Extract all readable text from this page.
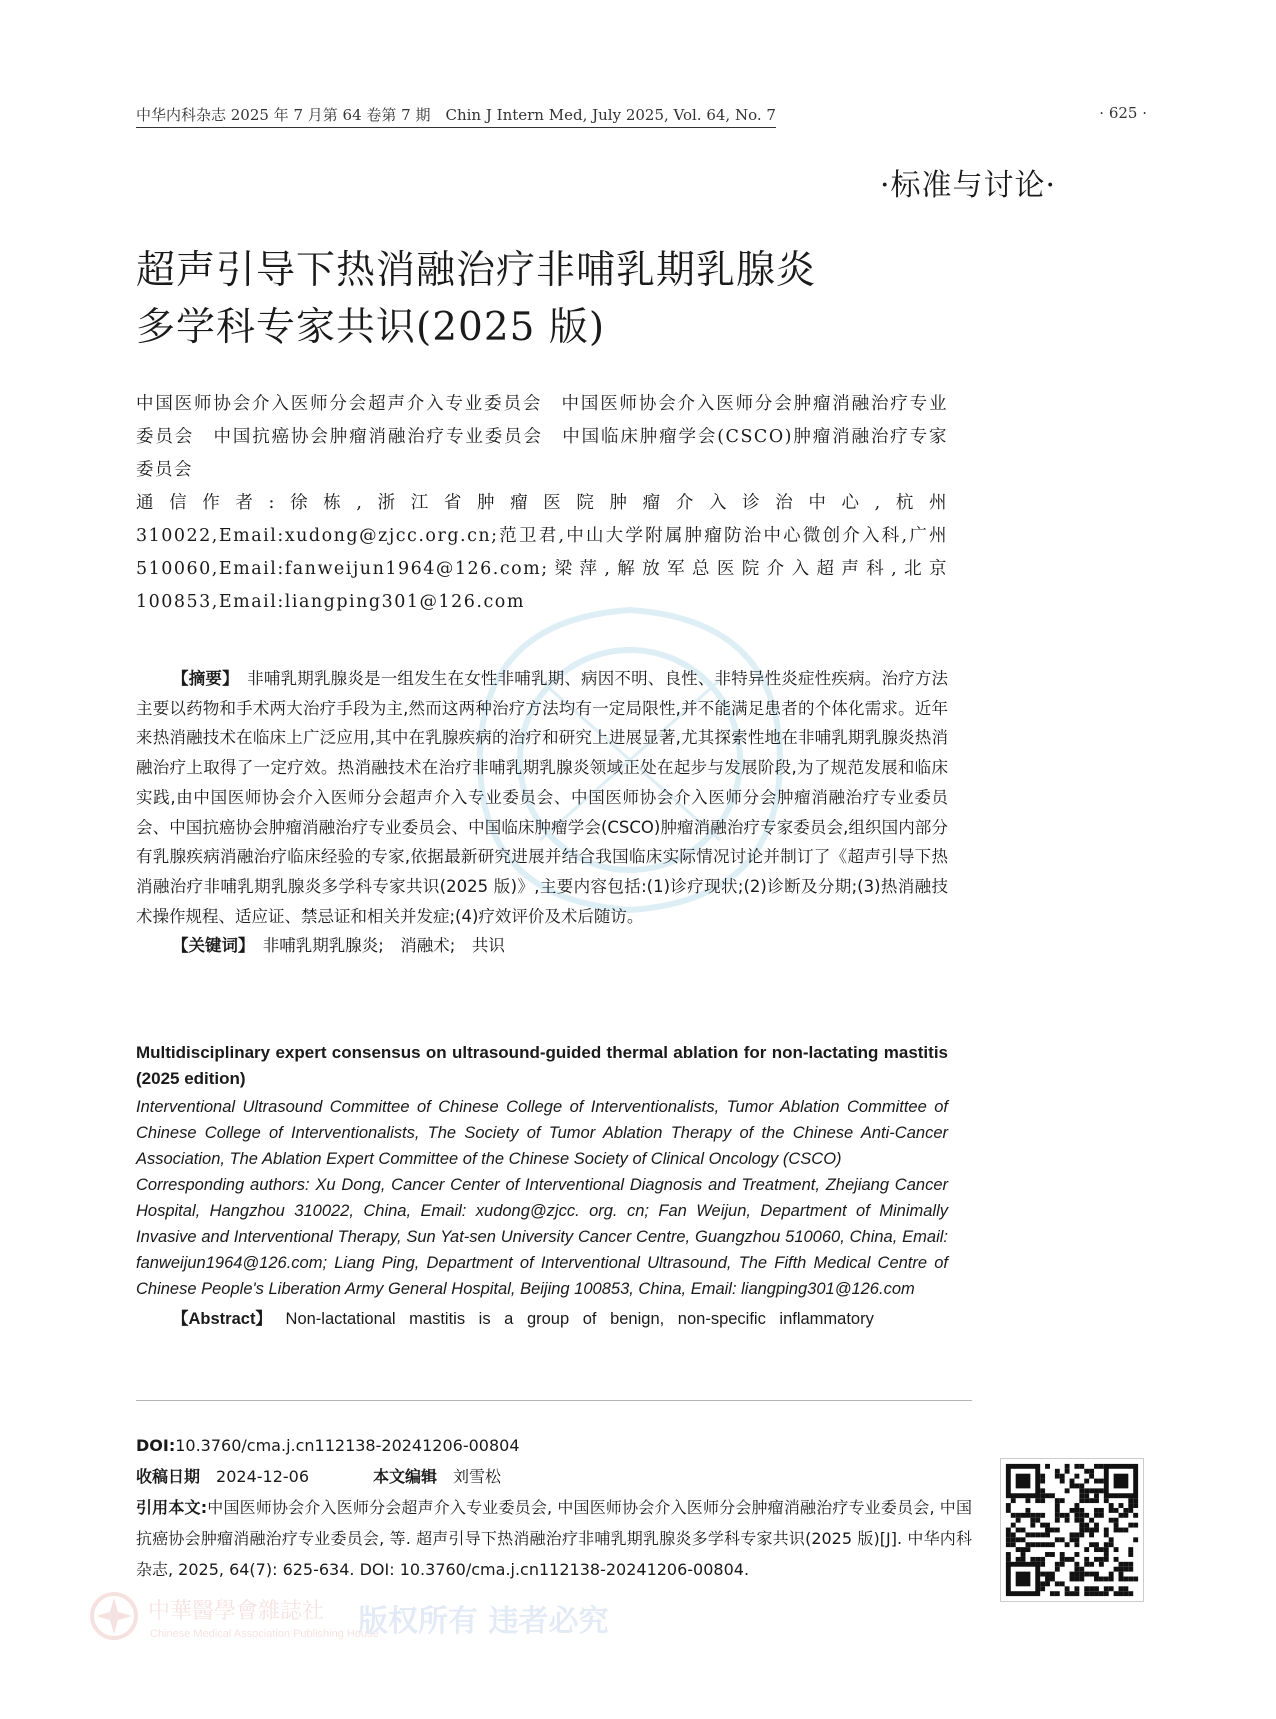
中华内科杂志 2025 年 7 月第 64 卷第 7 期　Chin J Intern Med, July 2025, Vol. 64, No. 7	· 625 ·
·标准与讨论·
超声引导下热消融治疗非哺乳期乳腺炎
多学科专家共识(2025 版)

中国医师协会介入医师分会超声介入专业委员会　中国医师协会介入医师分会肿瘤消融治疗专业委员会　中国抗癌协会肿瘤消融治疗专业委员会　中国临床肿瘤学会(CSCO)肿瘤消融治疗专家委员会

通信作者:徐栋,浙江省肿瘤医院肿瘤介入诊治中心,杭州 310022,Email:xudong@zjcc.org.cn;范卫君,中山大学附属肿瘤防治中心微创介入科,广州 510060,Email:fanweijun1964@126.com;梁萍,解放军总医院介入超声科,北京 100853,Email:liangping301@126.com

【摘要】　 非哺乳期乳腺炎是一组发生在女性非哺乳期、病因不明、良性、非特异性炎症性疾病。治疗方法主要以药物和手术两大治疗手段为主,然而这两种治疗方法均有一定局限性,并不能满足患者的个体化需求。近年来热消融技术在临床上广泛应用,其中在乳腺疾病的治疗和研究上进展显著,尤其探索性地在非哺乳期乳腺炎热消融治疗上取得了一定疗效。热消融技术在治疗非哺乳期乳腺炎领域正处在起步与发展阶段,为了规范发展和临床实践,由中国医师协会介入医师分会超声介入专业委员会、中国医师协会介入医师分会肿瘤消融治疗专业委员会、中国抗癌协会肿瘤消融治疗专业委员会、中国临床肿瘤学会(CSCO)肿瘤消融治疗专家委员会,组织国内部分有乳腺疾病消融治疗临床经验的专家,依据最新研究进展并结合我国临床实际情况讨论并制订了《超声引导下热消融治疗非哺乳期乳腺炎多学科专家共识(2025 版)》,主要内容包括:(1)诊疗现状;(2)诊断及分期;(3)热消融技术操作规程、适应证、禁忌证和相关并发症;(4)疗效评价及术后随访。

【关键词】　 非哺乳期乳腺炎;　消融术;　共识

Multidisciplinary expert consensus on ultrasound-guided thermal ablation for non-lactating mastitis (2025 edition)

Interventional Ultrasound Committee of Chinese College of Interventionalists, Tumor Ablation Committee of Chinese College of Interventionalists, The Society of Tumor Ablation Therapy of the Chinese Anti-Cancer Association, The Ablation Expert Committee of the Chinese Society of Clinical Oncology (CSCO)

Corresponding authors: Xu Dong, Cancer Center of Interventional Diagnosis and Treatment, Zhejiang Cancer Hospital, Hangzhou 310022, China, Email: xudong@zjcc. org. cn; Fan Weijun, Department of Minimally Invasive and Interventional Therapy, Sun Yat-sen University Cancer Centre, Guangzhou 510060, China, Email: fanweijun1964@126.com; Liang Ping, Department of Interventional Ultrasound, The Fifth Medical Centre of Chinese People's Liberation Army General Hospital, Beijing 100853, China, Email: liangping301@126.com

【Abstract】 Non-lactational mastitis is a group of benign, non-specific inflammatory

DOI:10.3760/cma.j.cn112138-20241206-00804

收稿日期　 2024-12-06	本文编辑　 刘雪松

引用本文:中国医师协会介入医师分会超声介入专业委员会, 中国医师协会介入医师分会肿瘤消融治疗专业委员会, 中国抗癌协会肿瘤消融治疗专业委员会, 等. 超声引导下热消融治疗非哺乳期乳腺炎多学科专家共识(2025 版)[J]. 中华内科杂志, 2025, 64(7): 625-634. DOI: 10.3760/cma.j.cn112138-20241206-00804.

中華醫學會雜誌社
Chinese Medical Association Publishing House
版权所有 违者必究
